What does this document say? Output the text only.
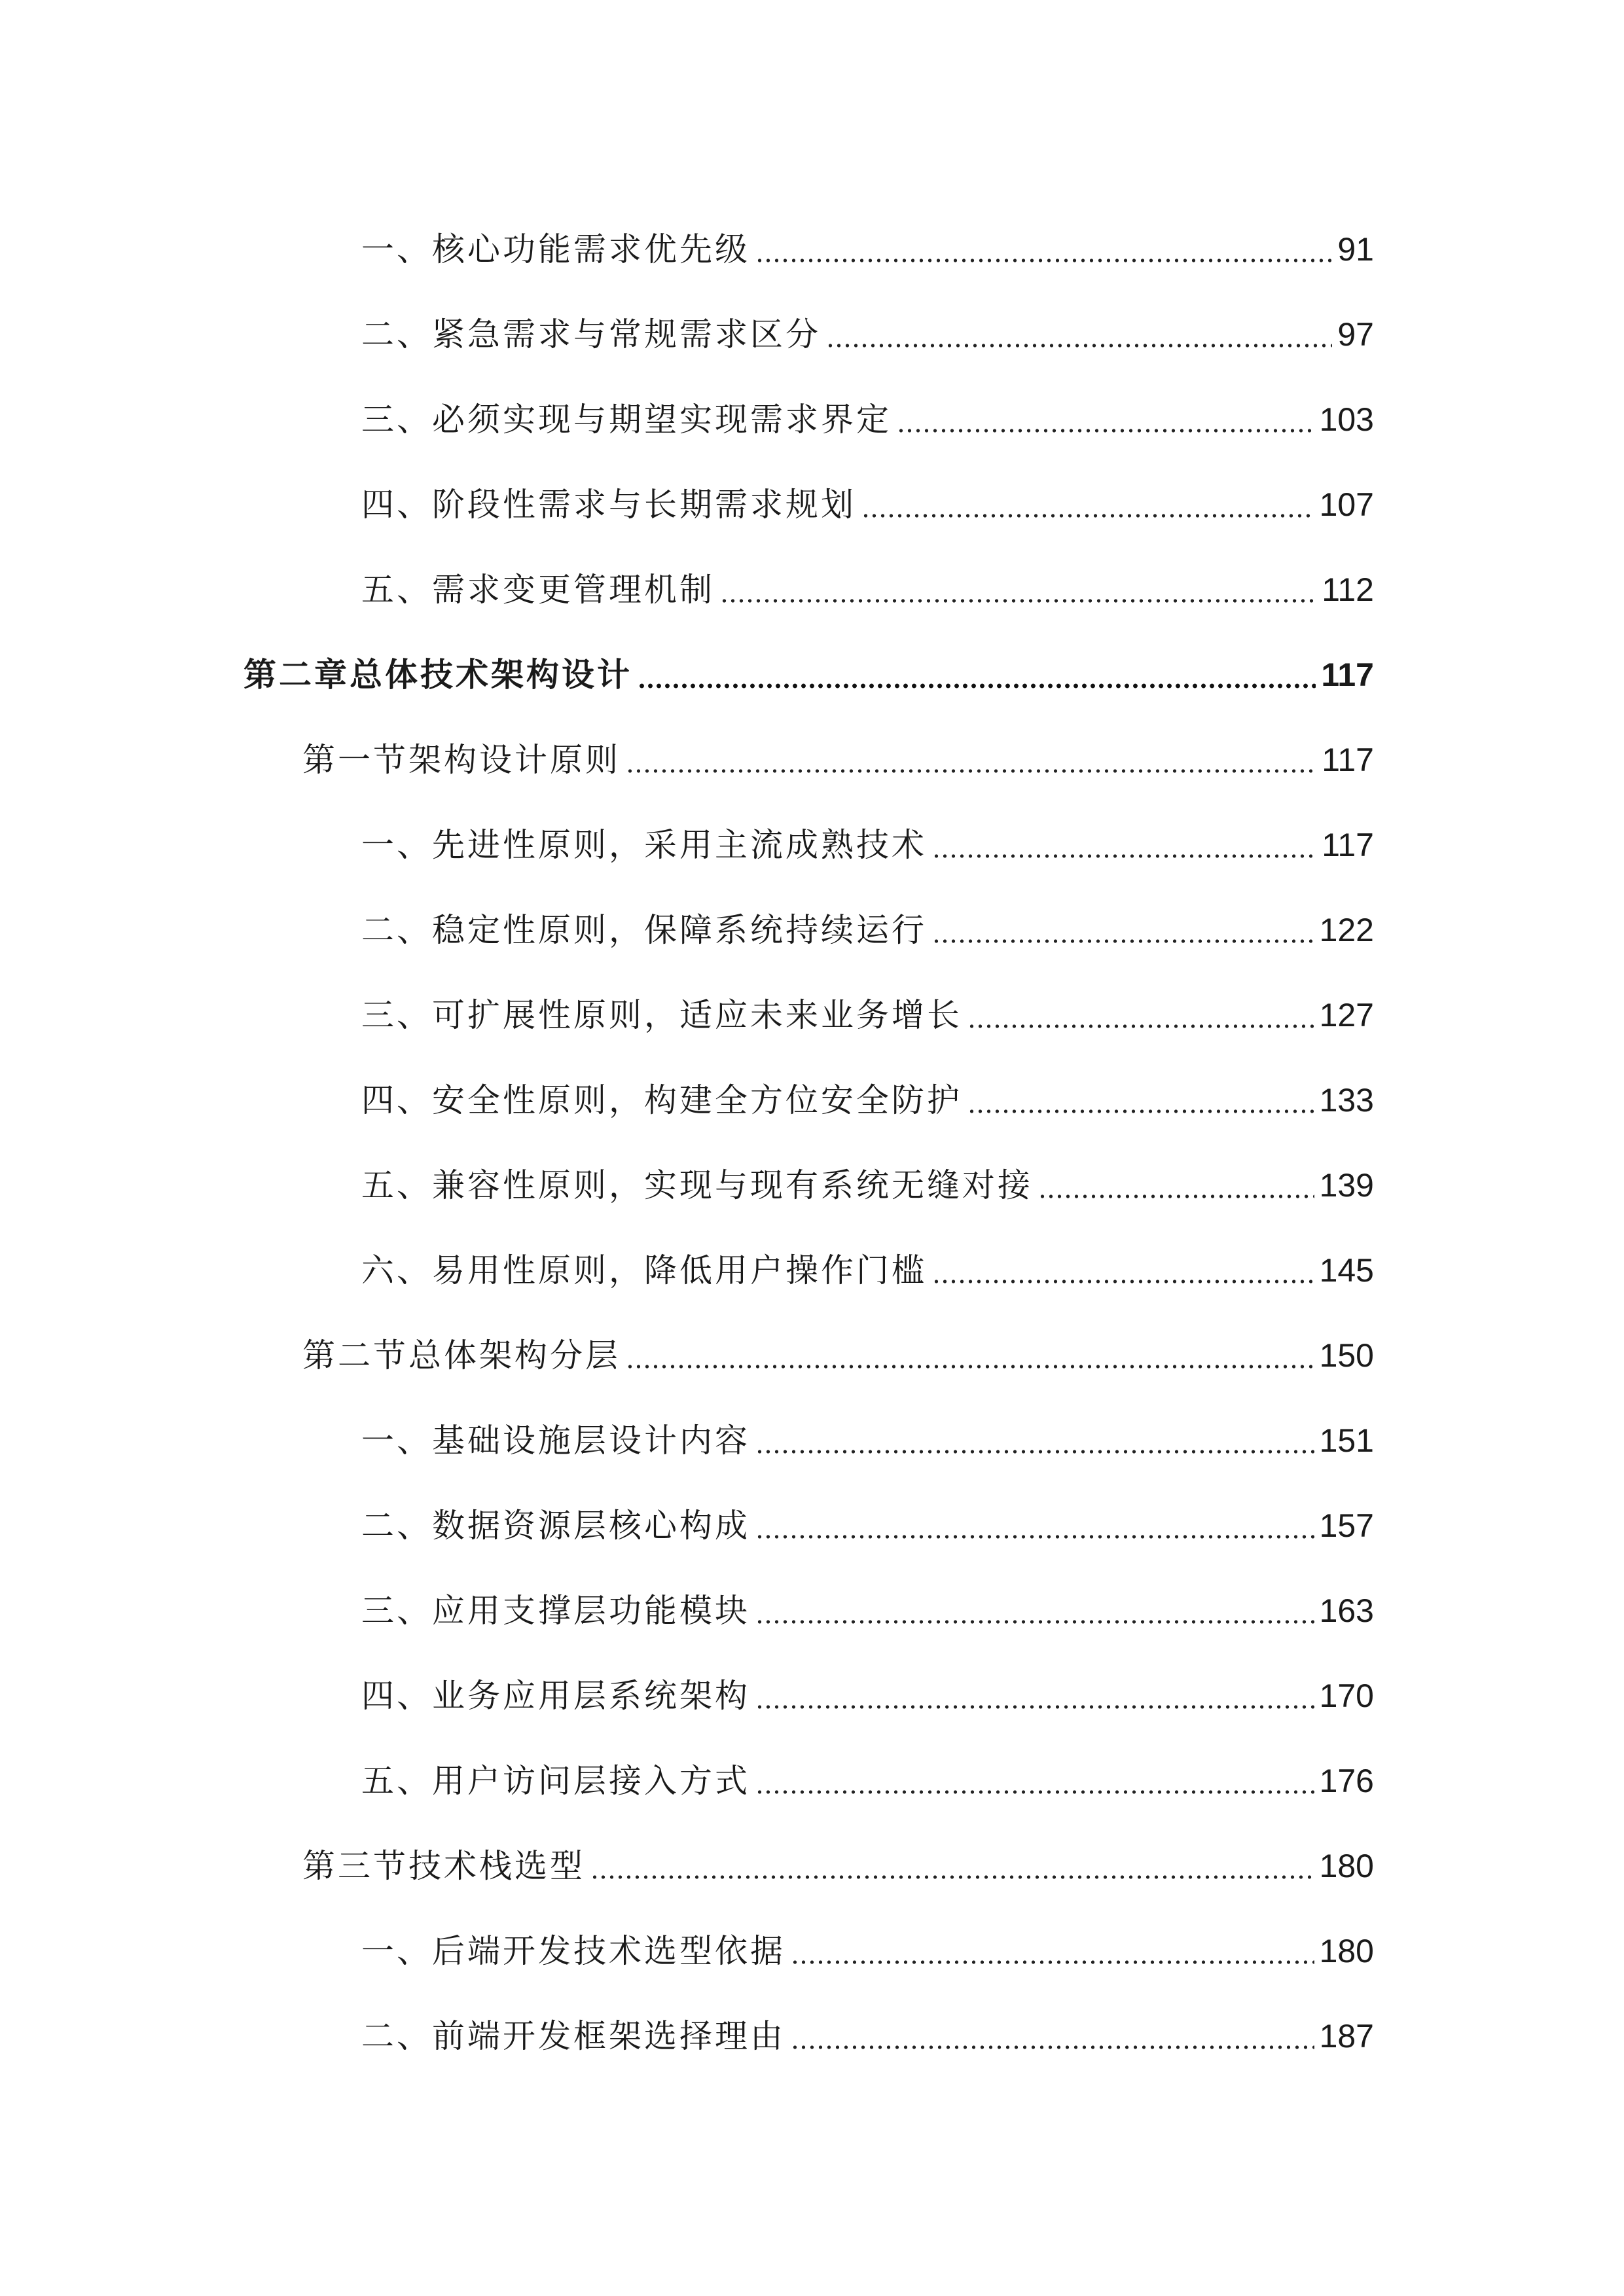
一、核心功能需求优先级	91
二、紧急需求与常规需求区分	97
三、必须实现与期望实现需求界定	103
四、阶段性需求与长期需求规划	107
五、需求变更管理机制	112
第二章总体技术架构设计	117
第一节架构设计原则	117
一、先进性原则，采用主流成熟技术	117
二、稳定性原则，保障系统持续运行	122
三、可扩展性原则，适应未来业务增长	127
四、安全性原则，构建全方位安全防护	133
五、兼容性原则，实现与现有系统无缝对接	139
六、易用性原则，降低用户操作门槛	145
第二节总体架构分层	150
一、基础设施层设计内容	151
二、数据资源层核心构成	157
三、应用支撑层功能模块	163
四、业务应用层系统架构	170
五、用户访问层接入方式	176
第三节技术栈选型	180
一、后端开发技术选型依据	180
二、前端开发框架选择理由	187
